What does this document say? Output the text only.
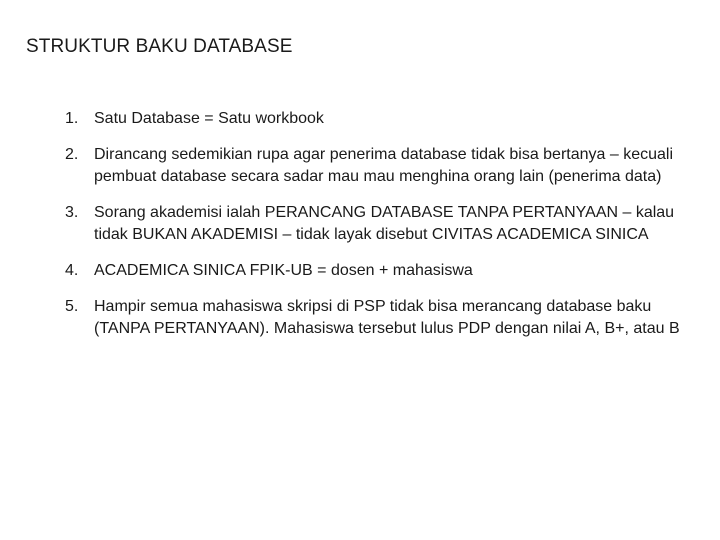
STRUKTUR BAKU DATABASE
1. Satu Database = Satu workbook
2. Dirancang sedemikian rupa agar penerima database tidak bisa bertanya – kecuali pembuat database secara sadar mau mau menghina orang lain (penerima data)
3. Sorang akademisi ialah PERANCANG DATABASE TANPA PERTANYAAN – kalau tidak BUKAN AKADEMISI – tidak layak disebut CIVITAS ACADEMICA SINICA
4. ACADEMICA SINICA FPIK-UB = dosen + mahasiswa
5. Hampir semua mahasiswa skripsi di PSP tidak bisa merancang database baku (TANPA PERTANYAAN). Mahasiswa tersebut lulus PDP dengan nilai A, B+, atau B
